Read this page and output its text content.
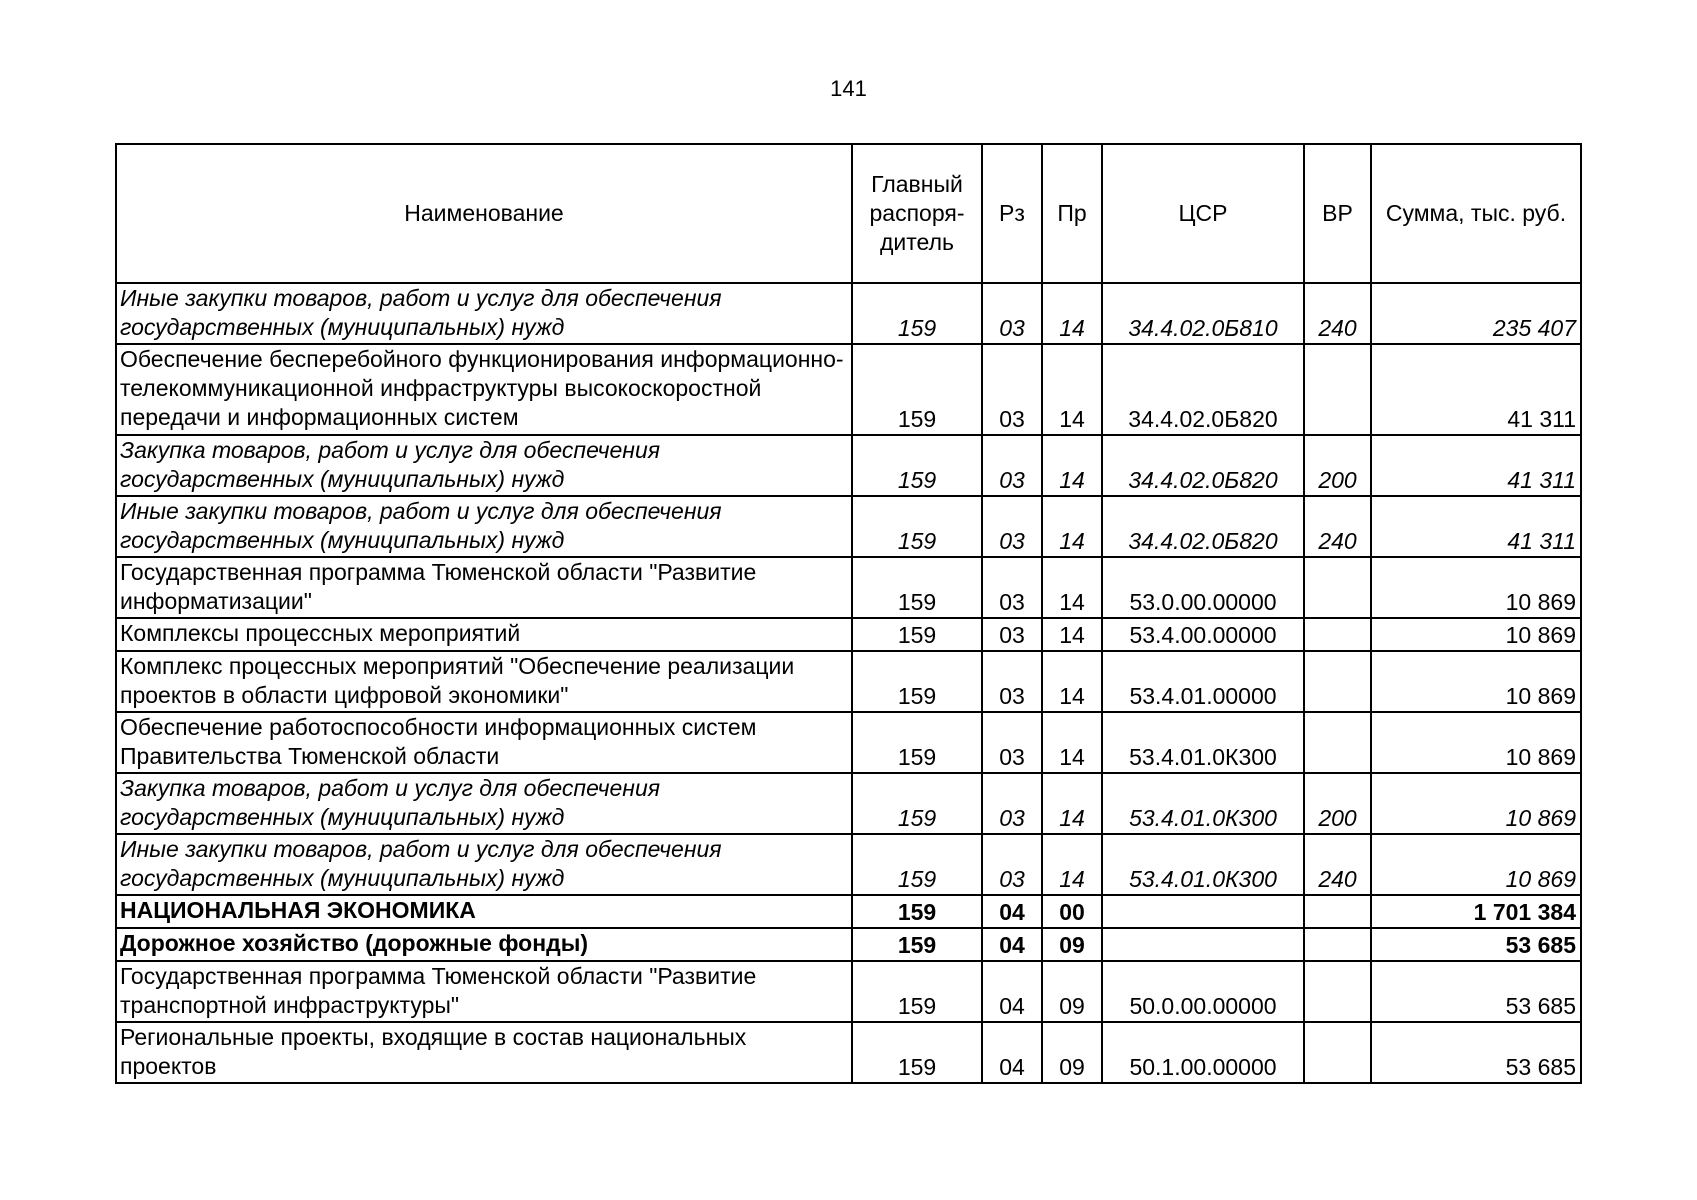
141
Наименование	Главный распоря-дитель	Рз	Пр	ЦСР	ВР	Сумма, тыс. руб.
Иные закупки товаров, работ и услуг для обеспечения государственных (муниципальных) нужд	159	03	14	34.4.02.0Б810	240	235 407
Обеспечение бесперебойного функционирования информационно-телекоммуникационной инфраструктуры высокоскоростной передачи и информационных систем	159	03	14	34.4.02.0Б820		41 311
Закупка товаров, работ и услуг для обеспечения государственных (муниципальных) нужд	159	03	14	34.4.02.0Б820	200	41 311
Иные закупки товаров, работ и услуг для обеспечения государственных (муниципальных) нужд	159	03	14	34.4.02.0Б820	240	41 311
Государственная программа Тюменской области "Развитие информатизации"	159	03	14	53.0.00.00000		10 869
Комплексы процессных мероприятий	159	03	14	53.4.00.00000		10 869
Комплекс процессных мероприятий "Обеспечение реализации проектов в области цифровой экономики"	159	03	14	53.4.01.00000		10 869
Обеспечение работоспособности информационных систем Правительства Тюменской области	159	03	14	53.4.01.0К300		10 869
Закупка товаров, работ и услуг для обеспечения государственных (муниципальных) нужд	159	03	14	53.4.01.0К300	200	10 869
Иные закупки товаров, работ и услуг для обеспечения государственных (муниципальных) нужд	159	03	14	53.4.01.0К300	240	10 869
НАЦИОНАЛЬНАЯ ЭКОНОМИКА	159	04	00			1 701 384
Дорожное хозяйство (дорожные фонды)	159	04	09			53 685
Государственная программа Тюменской области "Развитие транспортной инфраструктуры"	159	04	09	50.0.00.00000		53 685
Региональные проекты, входящие в состав национальных проектов	159	04	09	50.1.00.00000		53 685
